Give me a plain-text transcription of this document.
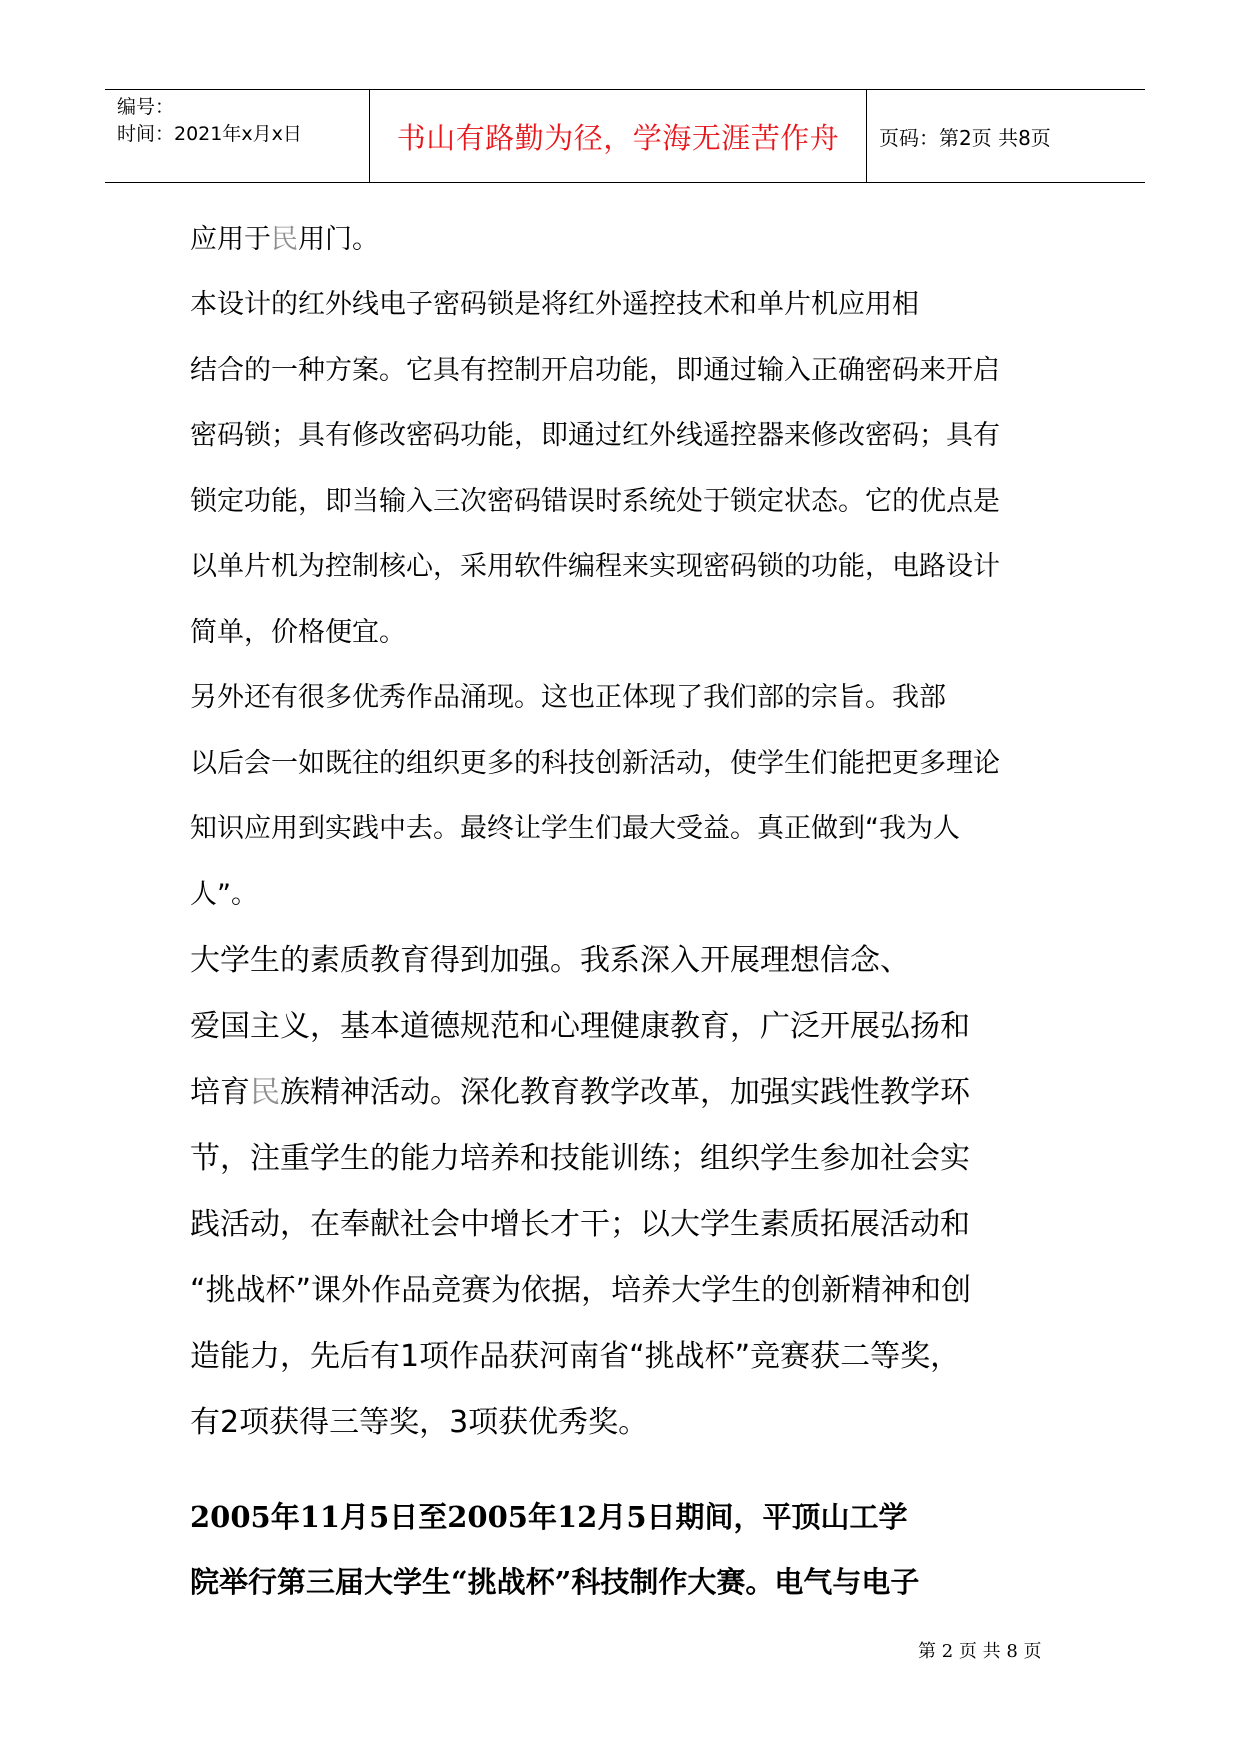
编号：
时间：2021年x月x日	书山有路勤为径，学海无涯苦作舟 页码：第2页 共8页

应用于民用门。

本设计的红外线电子密码锁是将红外遥控技术和单片机应用相
结合的一种方案。它具有控制开启功能，即通过输入正确密码来开启
密码锁；具有修改密码功能，即通过红外线遥控器来修改密码；具有
锁定功能，即当输入三次密码错误时系统处于锁定状态。它的优点是
以单片机为控制核心，采用软件编程来实现密码锁的功能，电路设计
简单，价格便宜。

另外还有很多优秀作品涌现。这也正体现了我们部的宗旨。我部
以后会一如既往的组织更多的科技创新活动，使学生们能把更多理论
知识应用到实践中去。最终让学生们最大受益。真正做到“我为人
人”。

大学生的素质教育得到加强。我系深入开展理想信念、
爱国主义，基本道德规范和心理健康教育，广泛开展弘扬和
培育民族精神活动。深化教育教学改革，加强实践性教学环
节，注重学生的能力培养和技能训练；组织学生参加社会实
践活动，在奉献社会中增长才干；以大学生素质拓展活动和
“挑战杯”课外作品竞赛为依据，培养大学生的创新精神和创
造能力，先后有1项作品获河南省“挑战杯”竞赛获二等奖，
有2项获得三等奖，3项获优秀奖。

2005年11月5日至2005年12月5日期间，平顶山工学
院举行第三届大学生“挑战杯”科技制作大赛。电气与电子

第 2 页 共 8 页
